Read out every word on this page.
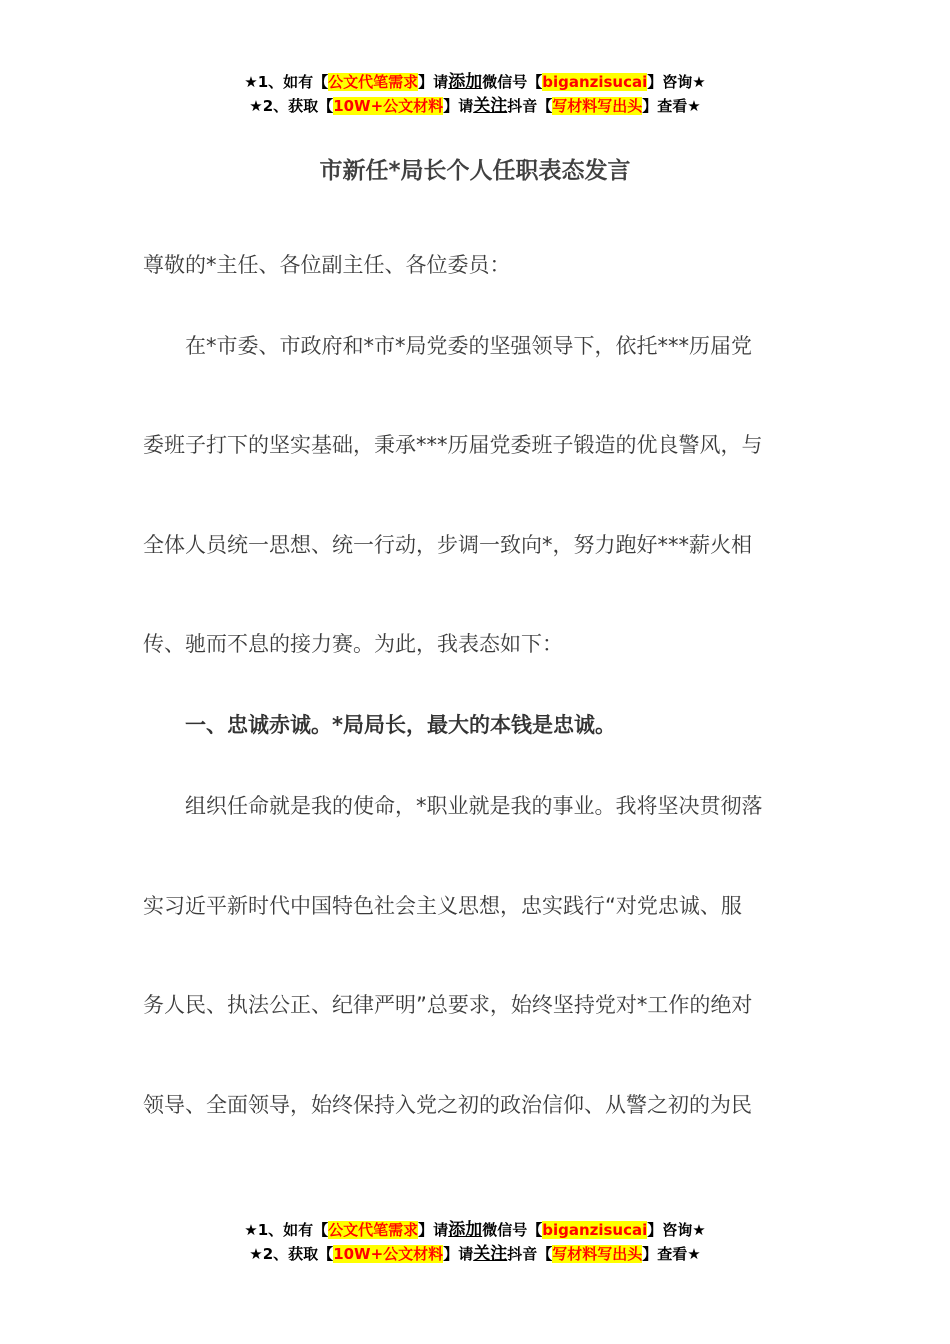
★1、如有【公文代笔需求】请添加微信号【biganzisucai】咨询★
★2、获取【10W+公文材料】请关注抖音【写材料写出头】查看★
市新任*局长个人任职表态发言

尊敬的*主任、各位副主任、各位委员：

　　在*市委、市政府和*市*局党委的坚强领导下，依托***历届党

委班子打下的坚实基础，秉承***历届党委班子锻造的优良警风，与

全体人员统一思想、统一行动，步调一致向*，努力跑好***薪火相

传、驰而不息的接力赛。为此，我表态如下：

　　一、忠诚赤诚。*局局长，最大的本钱是忠诚。

　　组织任命就是我的使命，*职业就是我的事业。我将坚决贯彻落

实习近平新时代中国特色社会主义思想，忠实践行“对党忠诚、服

务人民、执法公正、纪律严明”总要求，始终坚持党对*工作的绝对

领导、全面领导，始终保持入党之初的政治信仰、从警之初的为民

★1、如有【公文代笔需求】请添加微信号【biganzisucai】咨询★
★2、获取【10W+公文材料】请关注抖音【写材料写出头】查看★
